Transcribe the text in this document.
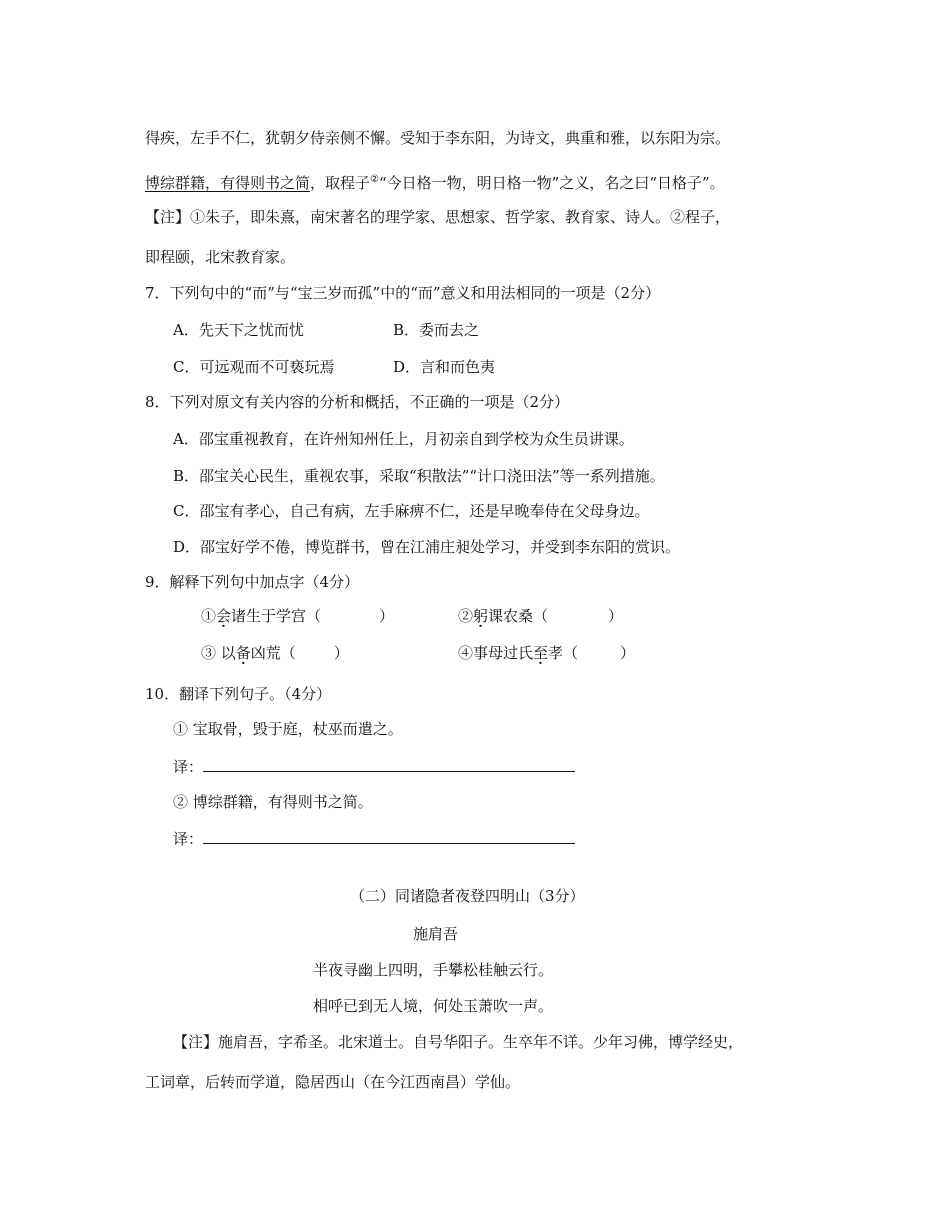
得疾，左手不仁，犹朝夕侍亲侧不懈。受知于李东阳，为诗文，典重和雅，以东阳为宗。
博综群籍，有得则书之简，取程子②“今日格一物，明日格一物”之义，名之曰“日格子”。
【注】①朱子，即朱熹，南宋著名的理学家、思想家、哲学家、教育家、诗人。②程子，
即程颐，北宋教育家。
7．下列句中的“而”与“宝三岁而孤”中的“而”意义和用法相同的一项是（2分）
A．先天下之忧而忧	B．委而去之
C．可远观而不可亵玩焉	D．言和而色夷
8．下列对原文有关内容的分析和概括，不正确的一项是（2分）
A．邵宝重视教育，在许州知州任上，月初亲自到学校为众生员讲课。
B．邵宝关心民生，重视农事，采取“积散法”“计口浇田法”等一系列措施。
C．邵宝有孝心，自己有病，左手麻痹不仁，还是早晚奉侍在父母身边。
D．邵宝好学不倦，博览群书，曾在江浦庄昶处学习，并受到李东阳的赏识。
9．解释下列句中加点字（4分）
①会诸生于学宫（	）	②躬课农桑（	）
③ 以备凶荒（	）	④事母过氏至孝（	）
10．翻译下列句子。（4分）
① 宝取骨，毁于庭，杖巫而遣之。
译：
② 博综群籍，有得则书之简。
译：
（二）同诸隐者夜登四明山（3分）
施肩吾
半夜寻幽上四明，手攀松桂触云行。
相呼已到无人境，何处玉萧吹一声。
【注】施肩吾，字希圣。北宋道士。自号华阳子。生卒年不详。少年习佛，博学经史，
工词章，后转而学道，隐居西山（在今江西南昌）学仙。
